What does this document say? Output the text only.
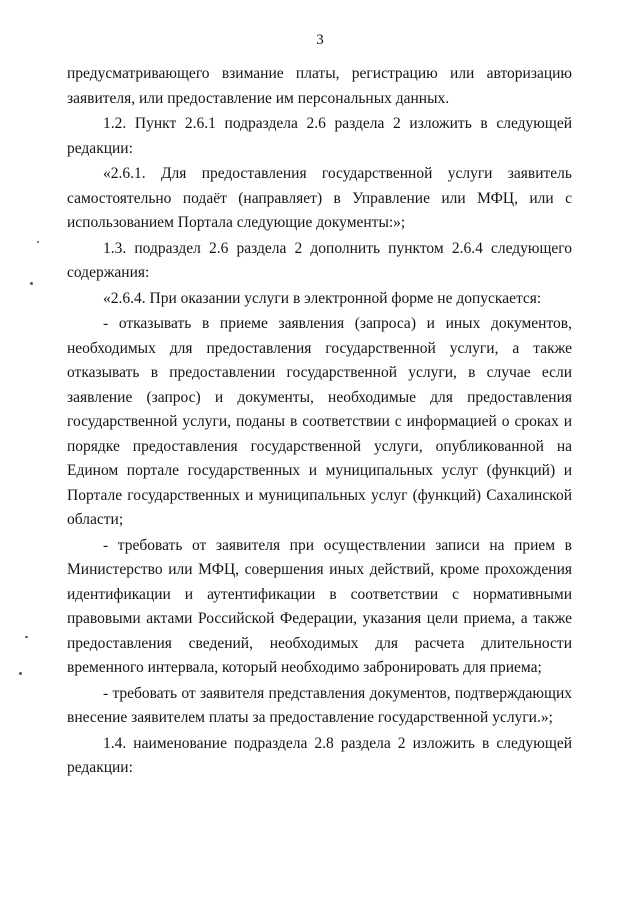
3

предусматривающего взимание платы, регистрацию или авторизацию заявителя, или предоставление им персональных данных.

1.2. Пункт 2.6.1 подраздела 2.6 раздела 2 изложить в следующей редакции:

«2.6.1. Для предоставления государственной услуги заявитель самостоятельно подаёт (направляет) в Управление или МФЦ, или с использованием Портала следующие документы:»;

1.3. подраздел 2.6 раздела 2 дополнить пунктом 2.6.4 следующего содержания:

«2.6.4. При оказании услуги в электронной форме не допускается:

- отказывать в приеме заявления (запроса) и иных документов, необходимых для предоставления государственной услуги, а также отказывать в предоставлении государственной услуги, в случае если заявление (запрос) и документы, необходимые для предоставления государственной услуги, поданы в соответствии с информацией о сроках и порядке предоставления государственной услуги, опубликованной на Едином портале государственных и муниципальных услуг (функций) и Портале государственных и муниципальных услуг (функций) Сахалинской области;

- требовать от заявителя при осуществлении записи на прием в Министерство или МФЦ, совершения иных действий, кроме прохождения идентификации и аутентификации в соответствии с нормативными правовыми актами Российской Федерации, указания цели приема, а также предоставления сведений, необходимых для расчета длительности временного интервала, который необходимо забронировать для приема;

- требовать от заявителя представления документов, подтверждающих внесение заявителем платы за предоставление государственной услуги.»;

1.4. наименование подраздела 2.8 раздела 2 изложить в следующей редакции:
